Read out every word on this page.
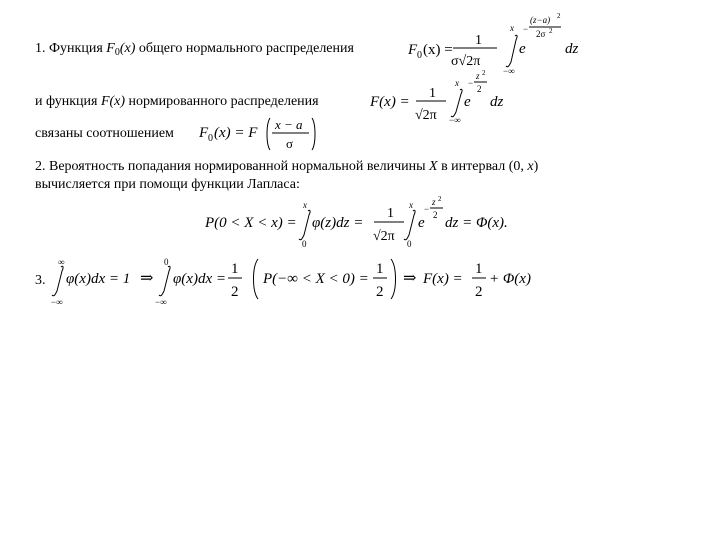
1. Функция $F_0(x)$ общего нормального распределения	F 0 (x) =
1
σ√2π
x
−∞
e
−
(z−a) 2
2σ 2
dz
и функция F(x) нормированного распределения	F(x) =
1
√2π
x
−∞
e
−
z 2
2
dz
связаны соотношением F 0 (x) = F
x − a
σ
2. Вероятность попадания нормированной нормальной величины X в интервал (0, x)
вычисляется при помощи функции Лапласа:
P(0 < X < x) =
x
0
φ(z)dz =
1
√2π
x
0
e
−
z 2
2 dz = Φ(x).
3.
∞
−∞
φ(x)dx = 1 ⇒
0
−∞
φ(x)dx =
1
2
P(−∞ < X < 0) =
1
2
⇒ F(x) =
1
2
+ Φ(x)
